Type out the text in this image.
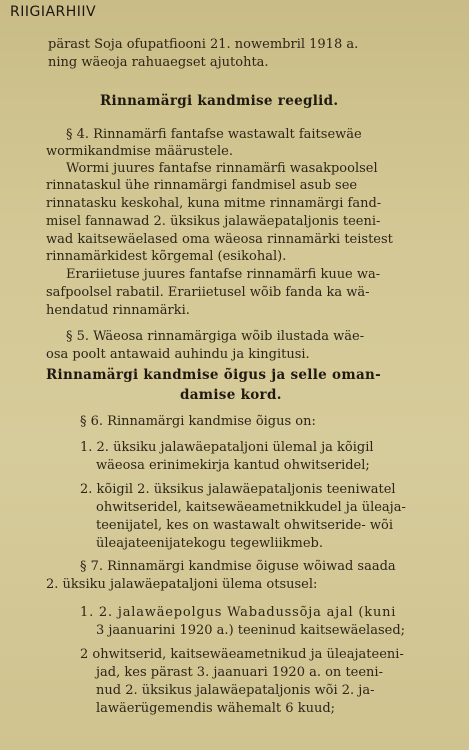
RIIGIARHIIV
pärast Soja ofupatfiooni 21. nowembril 1918 a.
ning wäeoja rahuaegset ajutohta.
Rinnamärgi kandmise reeglid.
§ 4. Rinnamärfi fantafse wastawalt faitsewäe
wormikandmise määrustele.
Wormi juures fantafse rinnamärfi wasakpoolsel
rinnataskul ühe rinnamärgi fandmisel asub see
rinnatasku keskohal, kuna mitme rinnamärgi fand-
misel fannawad 2. üksikus jalawäepataljonis teeni-
wad kaitsewäelased oma wäeosa rinnamärki teistest
rinnamärkidest kõrgemal (esikohal).
Erariietuse juures fantafse rinnamärfi kuue wa-
safpoolsel rabatil. Erariietusel wõib fanda ka wä-
hendatud rinnamärki.
§ 5. Wäeosa rinnamärgiga wõib ilustada wäe-
osa poolt antawaid auhindu ja kingitusi.
Rinnamärgi kandmise õigus ja selle oman-
damise kord.
§ 6. Rinnamärgi kandmise õigus on:
1. 2. üksiku jalawäepataljoni ülemal ja kõigil
wäeosa erinimekirja kantud ohwitseridel;
2. kõigil 2. üksikus jalawäepataljonis teeniwatel
ohwitseridel, kaitsewäeametnikkudel ja üleaja-
teenijatel, kes on wastawalt ohwitseride- wõi
üleajateenijatekogu tegewliikmeb.
§ 7. Rinnamärgi kandmise õiguse wõiwad saada
2. üksiku jalawäepataljoni ülema otsusel:
1. 2. jalawäepolgus Wabadussõja ajal (kuni
3 jaanuarini 1920 a.) teeninud kaitsewäelased;
2 ohwitserid, kaitsewäeametnikud ja üleajateeni-
jad, kes pärast 3. jaanuari 1920 a. on teeni-
nud 2. üksikus jalawäepataljonis wõi 2. ja-
lawäerügemendis wähemalt 6 kuud;
